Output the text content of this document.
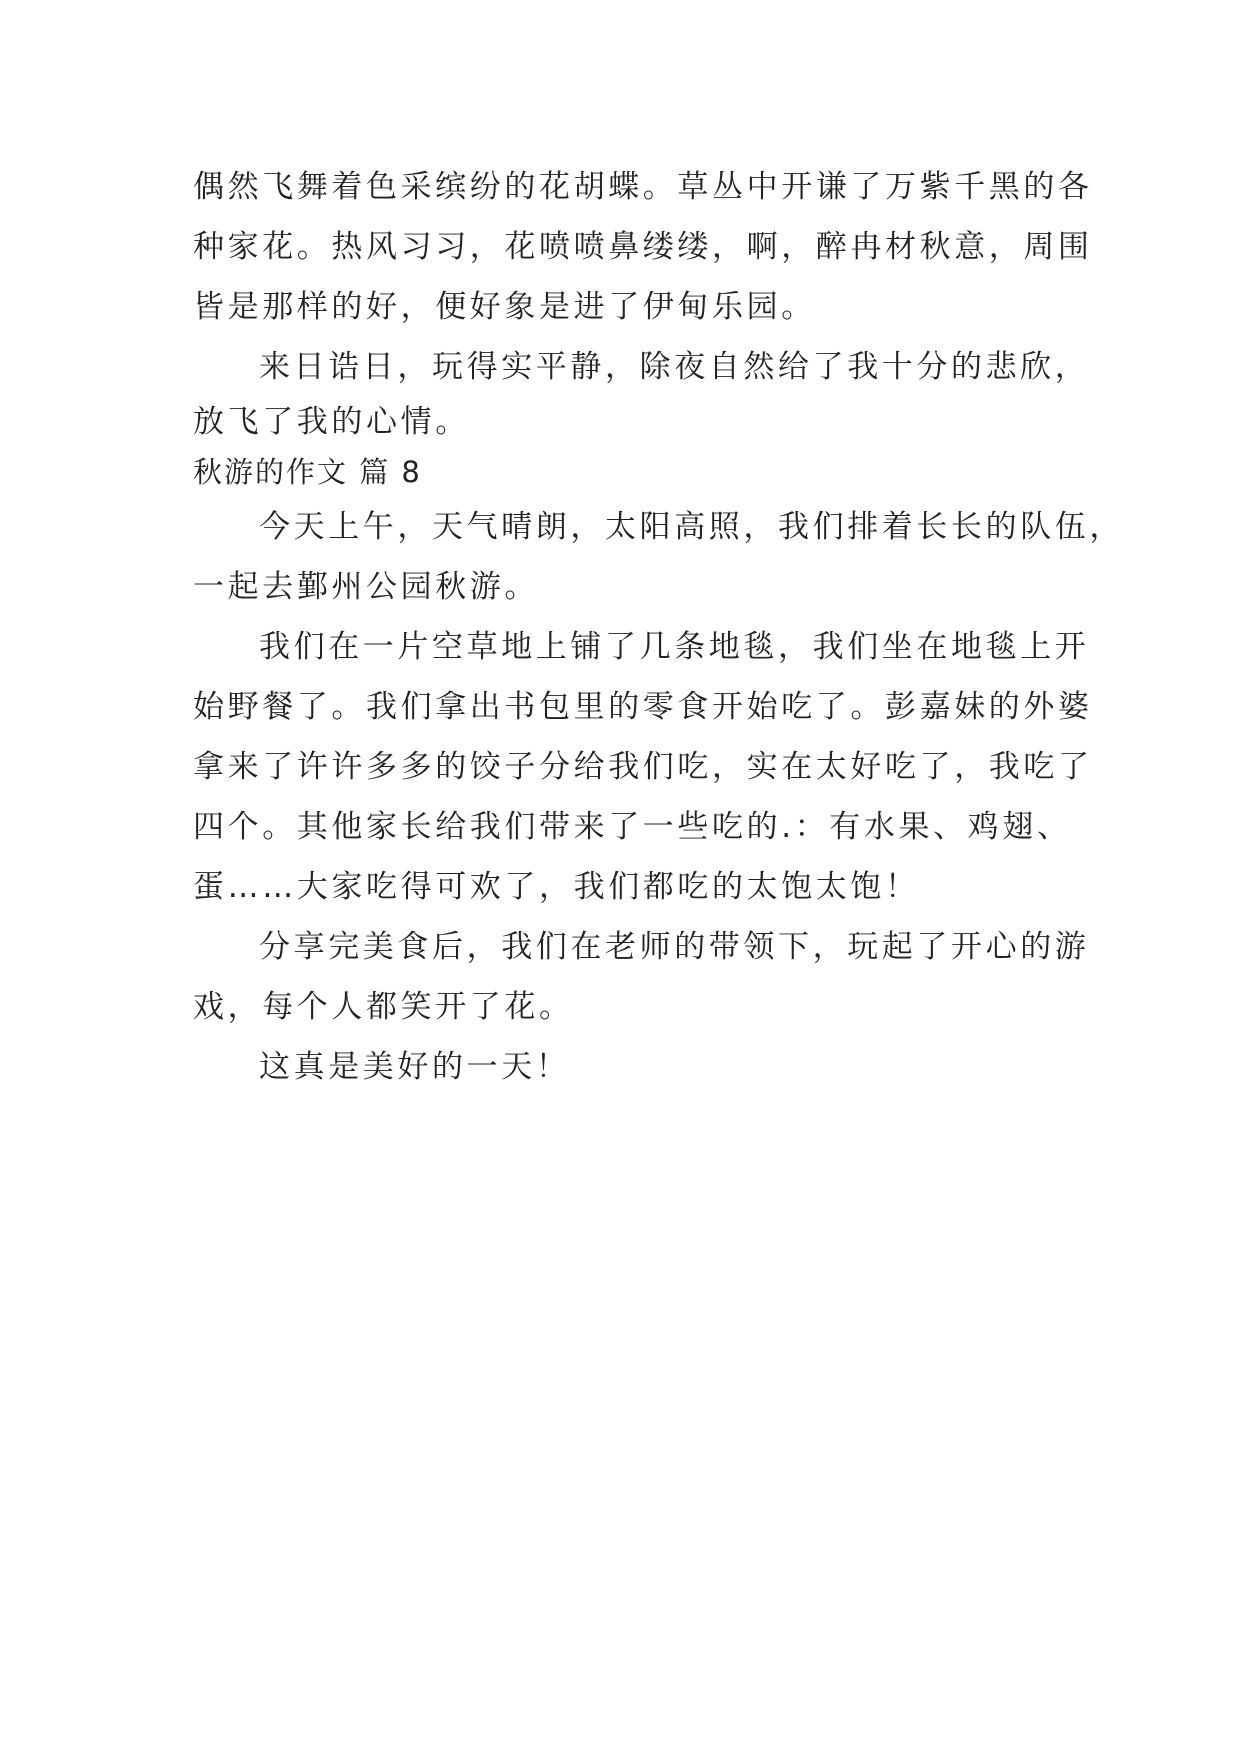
偶然飞舞着色采缤纷的花胡蝶。草丛中开谦了万紫千黑的各
种家花。热风习习，花喷喷鼻缕缕，啊，醉冉材秋意，周围
皆是那样的好，便好象是进了伊甸乐园。
来日诰日，玩得实平静，除夜自然给了我十分的悲欣，
放飞了我的心情。
秋游的作文 篇 8
今天上午，天气晴朗，太阳高照，我们排着长长的队伍，
一起去鄞州公园秋游。
我们在一片空草地上铺了几条地毯，我们坐在地毯上开
始野餐了。我们拿出书包里的零食开始吃了。彭嘉妹的外婆
拿来了许许多多的饺子分给我们吃，实在太好吃了，我吃了
四个。其他家长给我们带来了一些吃的.：有水果、鸡翅、
蛋……大家吃得可欢了，我们都吃的太饱太饱！
分享完美食后，我们在老师的带领下，玩起了开心的游
戏，每个人都笑开了花。
这真是美好的一天！
